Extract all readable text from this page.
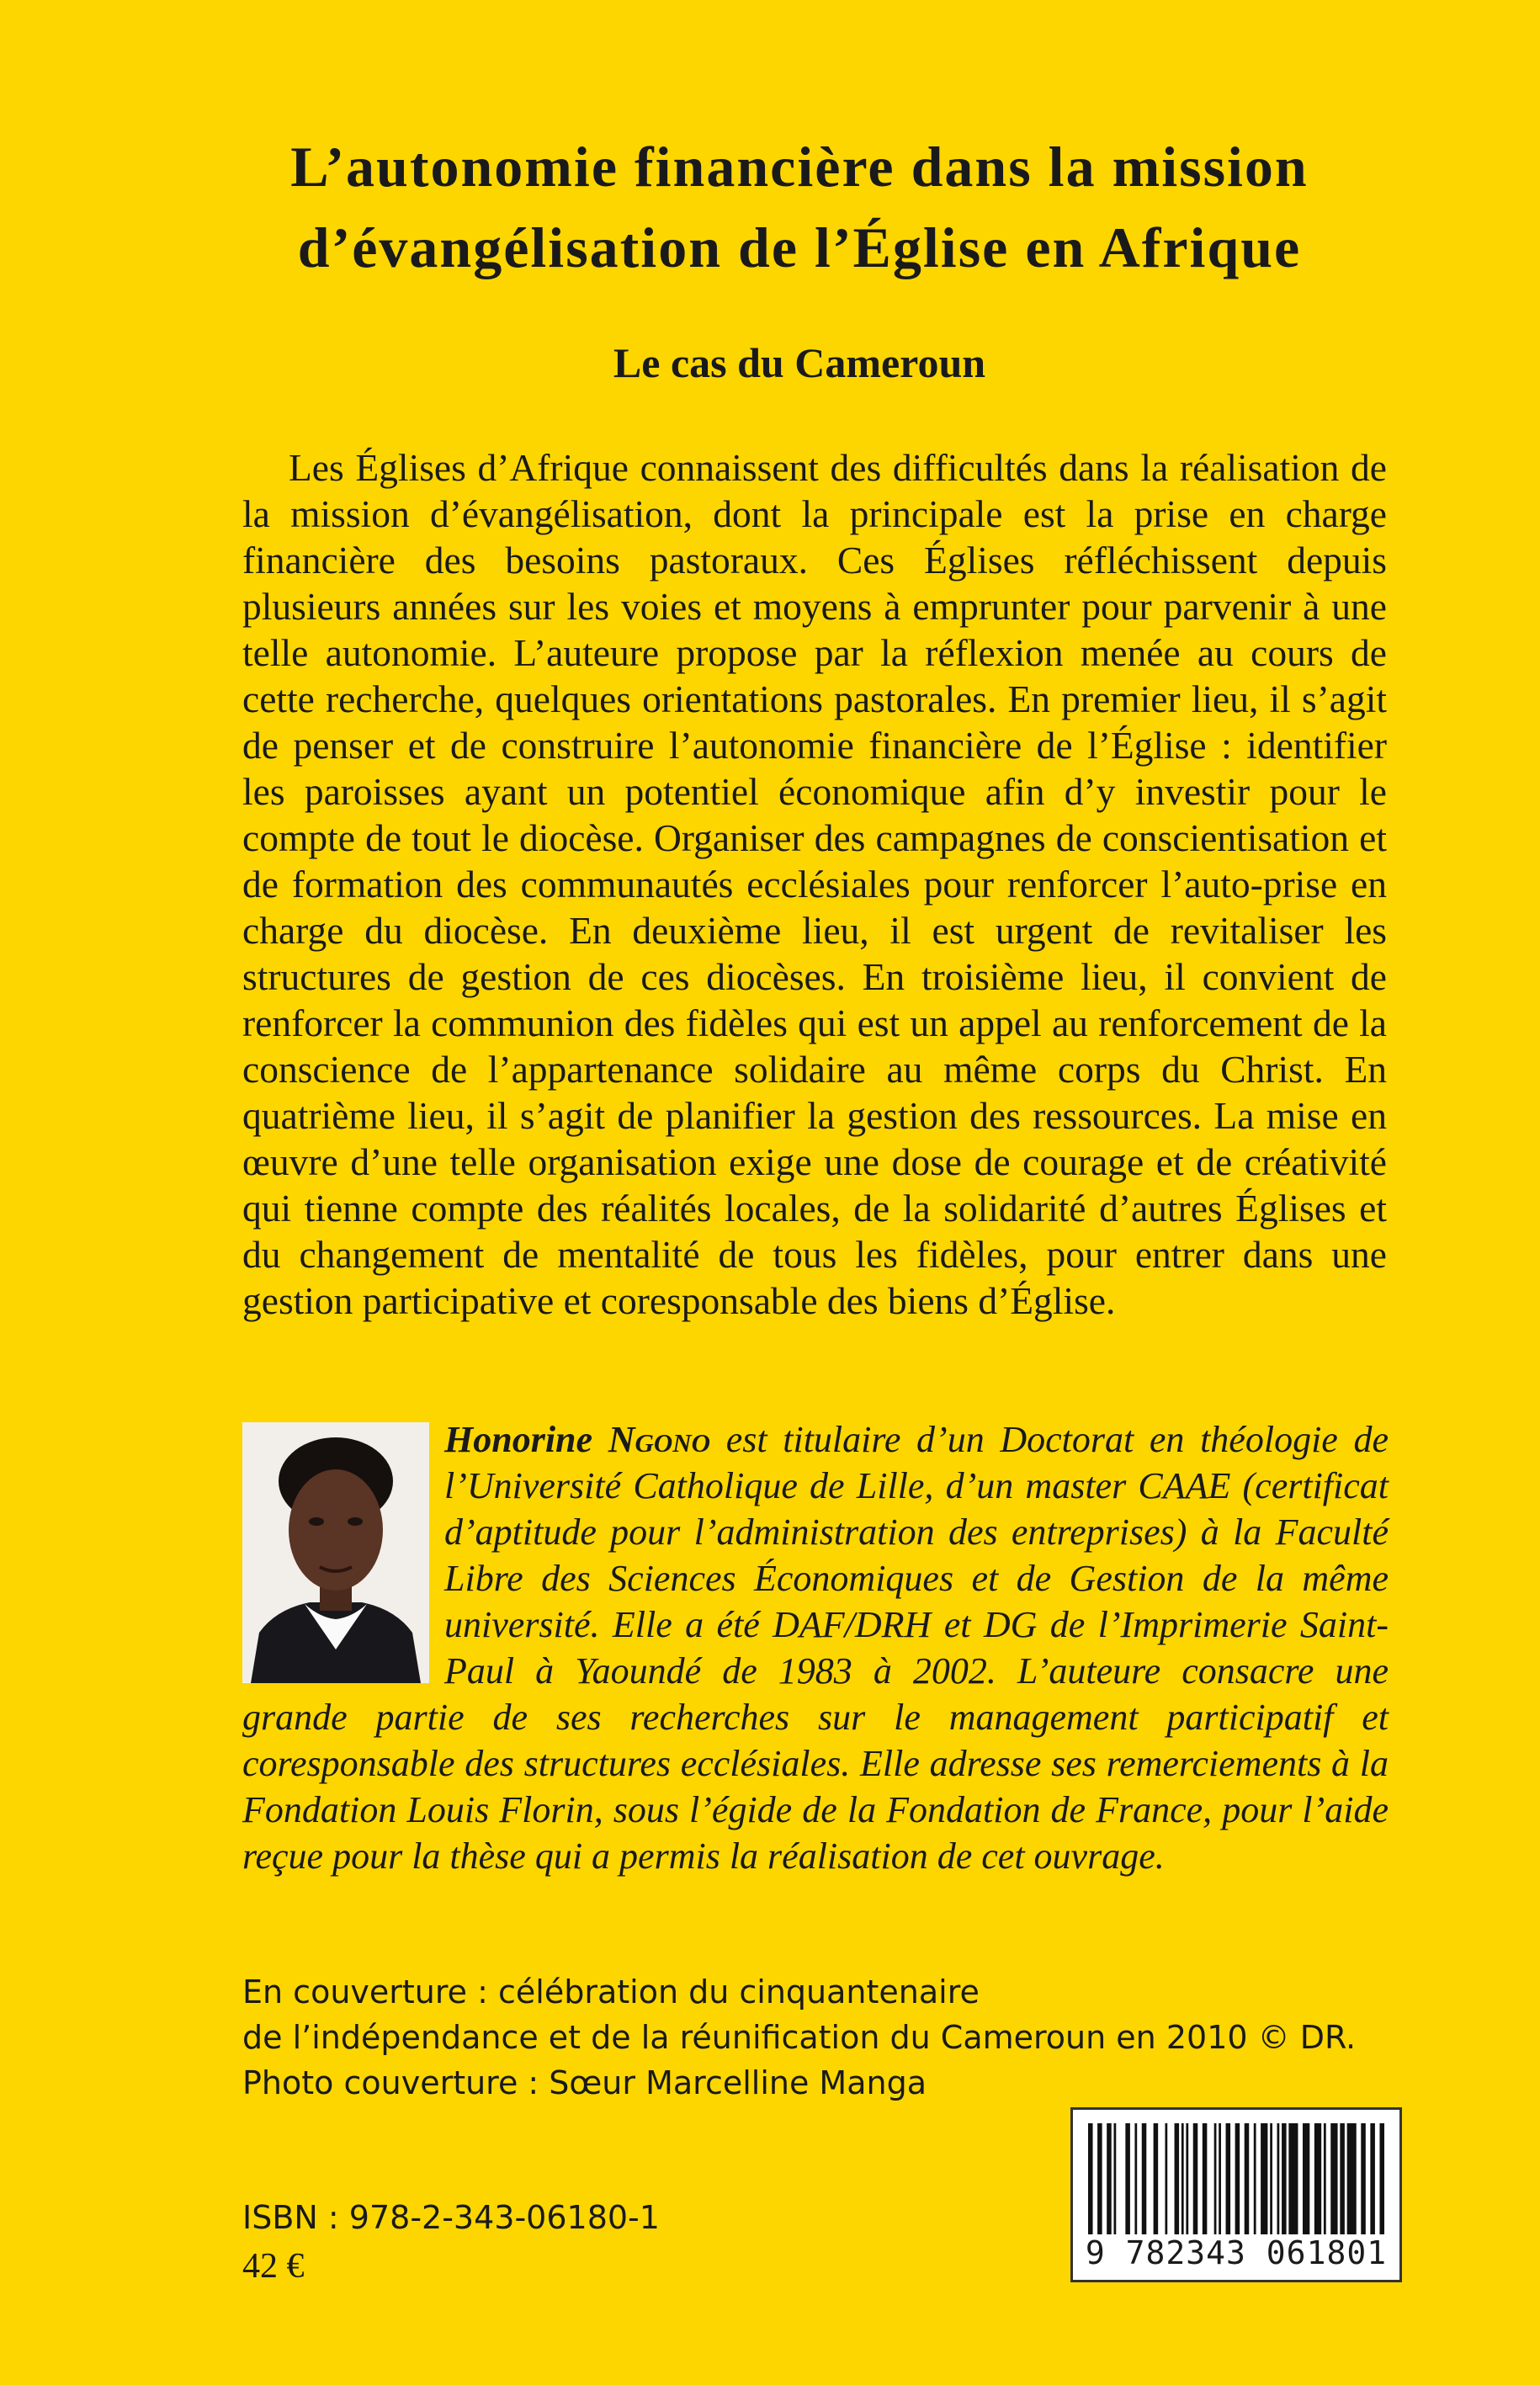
L’autonomie financière dans la mission
d’évangélisation de l’Église en Afrique
Le cas du Cameroun

Les Églises d’Afrique connaissent des difficultés dans la réalisation de la mission d’évangélisation, dont la principale est la prise en charge financière des besoins pastoraux. Ces Églises réfléchissent depuis plusieurs années sur les voies et moyens à emprunter pour parvenir à une telle autonomie. L’auteure propose par la réflexion menée au cours de cette recherche, quelques orientations pastorales. En premier lieu, il s’agit de penser et de construire l’autonomie financière de l’Église : identifier les paroisses ayant un potentiel économique afin d’y investir pour le compte de tout le diocèse. Organiser des campagnes de conscientisation et de formation des communautés ecclésiales pour renforcer l’auto-prise en charge du diocèse. En deuxième lieu, il est urgent de revitaliser les structures de gestion de ces diocèses. En troisième lieu, il convient de renforcer la communion des fidèles qui est un appel au renforcement de la conscience de l’appartenance solidaire au même corps du Christ. En quatrième lieu, il s’agit de planifier la gestion des ressources. La mise en œuvre d’une telle organisation exige une dose de courage et de créativité qui tienne compte des réalités locales, de la solidarité d’autres Églises et du changement de mentalité de tous les fidèles, pour entrer dans une gestion participative et coresponsable des biens d’Église.

Honorine Ngono est titulaire d’un Doctorat en théologie de l’Université Catholique de Lille, d’un master CAAE (certificat d’aptitude pour l’administration des entreprises) à la Faculté Libre des Sciences Économiques et de Gestion de la même université. Elle a été DAF/DRH et DG de l’Imprimerie Saint-Paul à Yaoundé de 1983 à 2002. L’auteure consacre une grande partie de ses recherches sur le management participatif et coresponsable des structures ecclésiales. Elle adresse ses remerciements à la Fondation Louis Florin, sous l’égide de la Fondation de France, pour l’aide reçue pour la thèse qui a permis la réalisation de cet ouvrage.

En couverture : célébration du cinquantenaire
de l’indépendance et de la réunification du Cameroun en 2010 © DR.
Photo couverture : Sœur Marcelline Manga
ISBN : 978-2-343-06180-1
42 €	9 782343 061801
